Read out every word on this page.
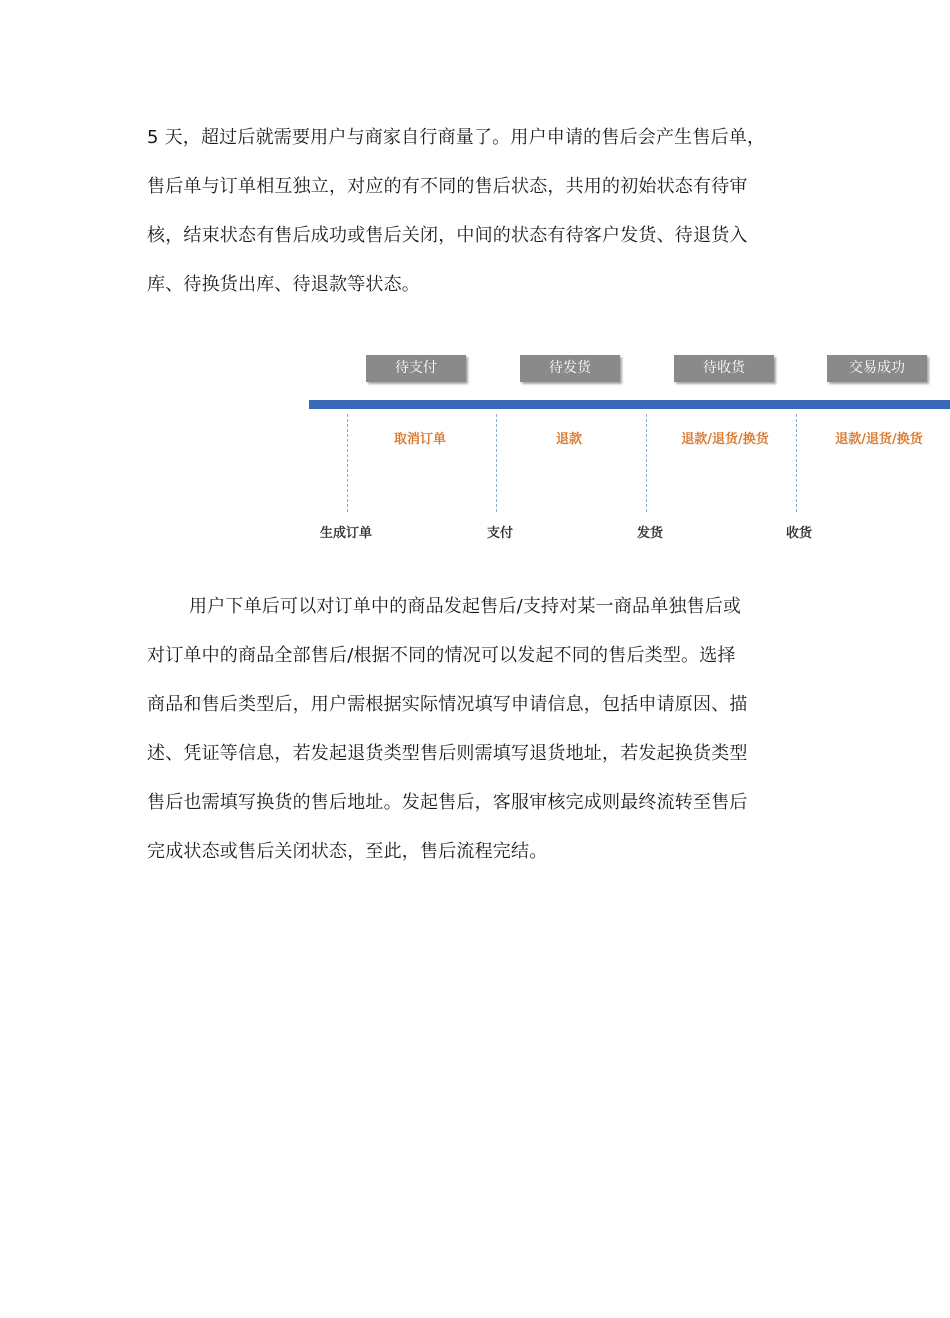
5 天，超过后就需要用户与商家自行商量了。用户申请的售后会产生售后单，
售后单与订单相互独立，对应的有不同的售后状态，共用的初始状态有待审
核，结束状态有售后成功或售后关闭，中间的状态有待客户发货、待退货入
库、待换货出库、待退款等状态。
待支付	待发货	待收货	交易成功
取消订单	退款	退款/退货/换货	退款/退货/换货
生成订单	支付	发货	收货
用户下单后可以对订单中的商品发起售后/支持对某一商品单独售后或
对订单中的商品全部售后/根据不同的情况可以发起不同的售后类型。选择
商品和售后类型后，用户需根据实际情况填写申请信息，包括申请原因、描
述、凭证等信息，若发起退货类型售后则需填写退货地址，若发起换货类型
售后也需填写换货的售后地址。发起售后，客服审核完成则最终流转至售后
完成状态或售后关闭状态，至此，售后流程完结。
